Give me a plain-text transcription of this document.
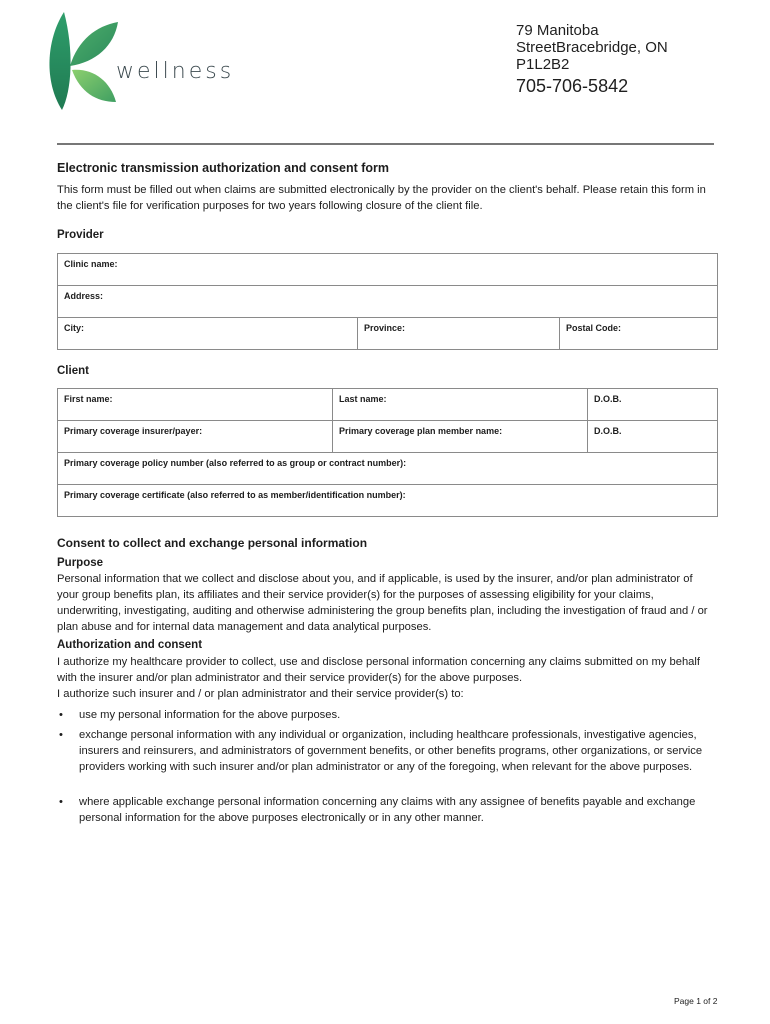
wellness
79 Manitoba
StreetBracebridge, ON
P1L2B2
705-706-5842
Electronic transmission authorization and consent form
This form must be filled out when claims are submitted electronically by the provider on the client's behalf. Please retain this form in the client's file for verification purposes for two years following closure of the client file.
Provider
Clinic name:
Address:
City:	Province:	Postal Code:
Client
First name:	Last name:	D.O.B.
Primary coverage insurer/payer:	Primary coverage plan member name:	D.O.B.
Primary coverage policy number (also referred to as group or contract number):		
Primary coverage certificate (also referred to as member/identification number):		
Consent to collect and exchange personal information
Purpose
Personal information that we collect and disclose about you, and if applicable, is used by the insurer, and/or plan administrator of your group benefits plan, its affiliates and their service provider(s) for the purposes of assessing eligibility for your claims, underwriting, investigating, auditing and otherwise administering the group benefits plan, including the investigation of fraud and / or plan abuse and for internal data management and data analytical purposes.
Authorization and consent
I authorize my healthcare provider to collect, use and disclose personal information concerning any claims submitted on my behalf with the insurer and/or plan administrator and their service provider(s) for the above purposes.
I authorize such insurer and / or plan administrator and their service provider(s) to:
• use my personal information for the above purposes.
• exchange personal information with any individual or organization, including healthcare professionals, investigative agencies, insurers and reinsurers, and administrators of government benefits, or other benefits programs, other organizations, or service providers working with such insurer and/or plan administrator or any of the foregoing, when relevant for the above purposes.
• where applicable exchange personal information concerning any claims with any assignee of benefits payable and exchange personal information for the above purposes electronically or in any other manner.
Page 1 of 2
